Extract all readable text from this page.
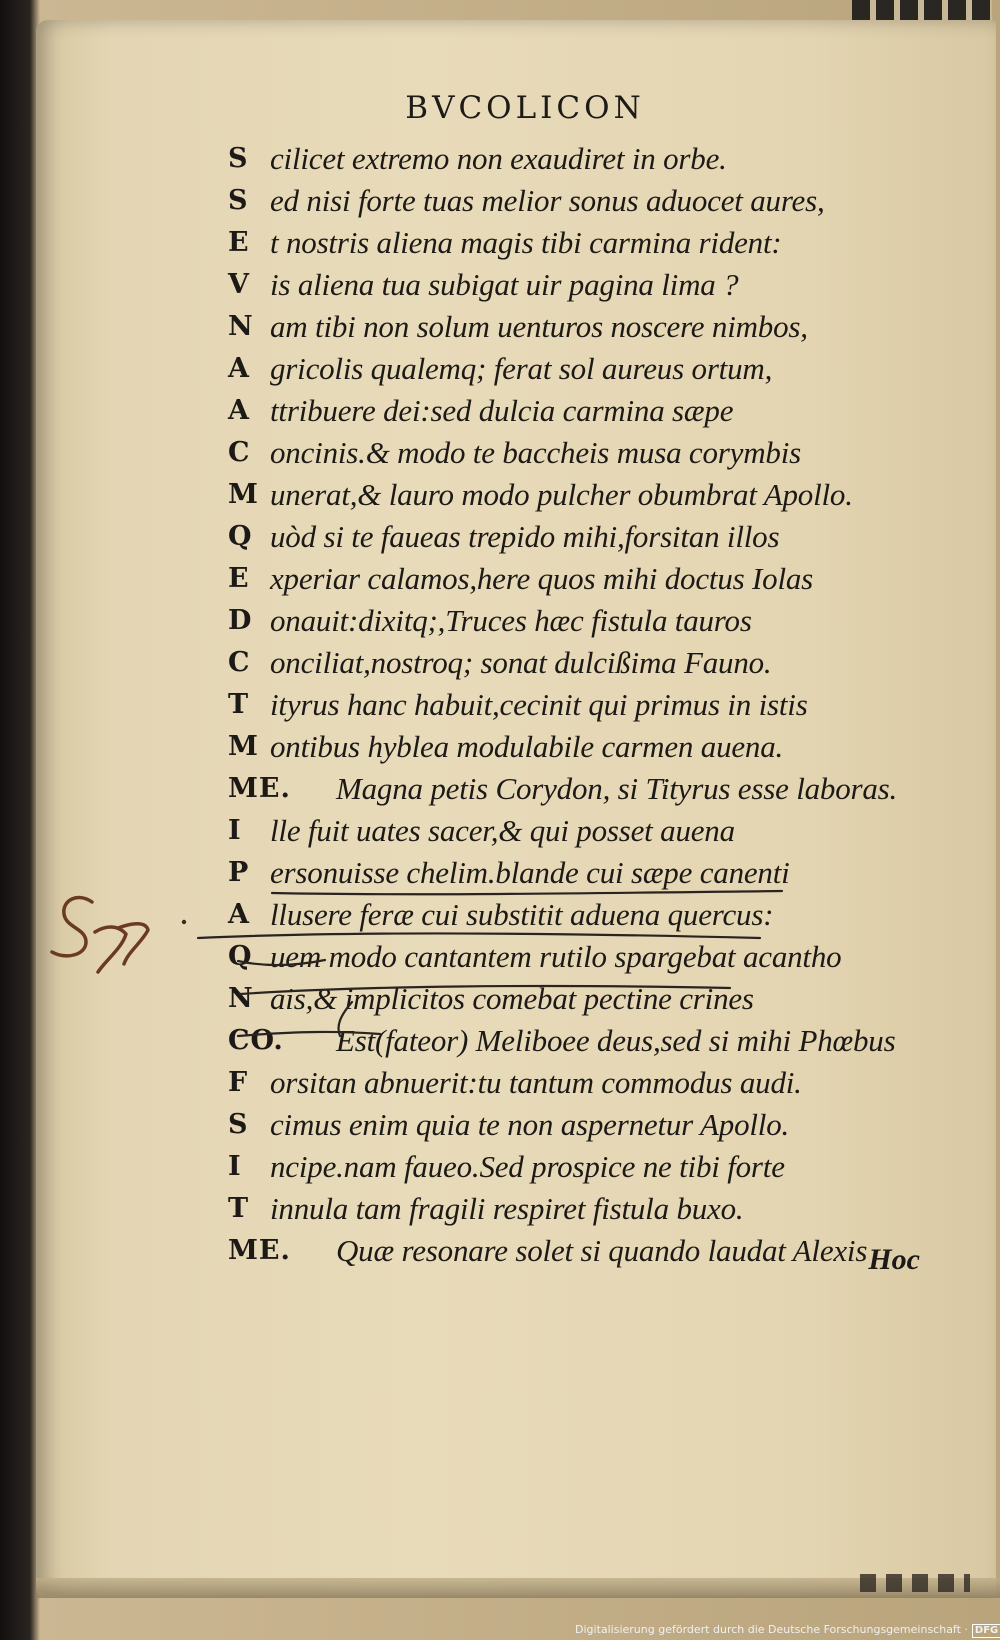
BVCOLICON
S cilicet extremo non exaudiret in orbe.
S ed nisi forte tuas melior sonus aduocet aures,
E t nostris aliena magis tibi carmina rident:
V is aliena tua subigat uir pagina lima ?
N am tibi non solum uenturos noscere nimbos,
A gricolis qualemq; ferat sol aureus ortum,
A ttribuere dei:sed dulcia carmina sæpe
C oncinis.& modo te baccheis musa corymbis
M unerat,& lauro modo pulcher obumbrat Apollo.
Q uòd si te faueas trepido mihi,forsitan illos
E xperiar calamos,here quos mihi doctus Iolas
D onauit:dixitq;,Truces hæc fistula tauros
C onciliat,nostroq; sonat dulcißima Fauno.
T ityrus hanc habuit,cecinit qui primus in istis
M ontibus hyblea modulabile carmen auena.
ME. Magna petis Corydon, si Tityrus esse laboras.
I lle fuit uates sacer,& qui posset auena
P ersonuisse chelim.blande cui sæpe canenti
A llusere feræ cui substitit aduena quercus:
Q uem modo cantantem rutilo spargebat acantho
N ais,& implicitos comebat pectine crines
CO. Est(fateor) Meliboee deus,sed si mihi Phœbus
F orsitan abnuerit:tu tantum commodus audi.
S cimus enim quia te non aspernetur Apollo.
I ncipe.nam faueo.Sed prospice ne tibi forte
T innula tam fragili respiret fistula buxo.
ME. Quæ resonare solet si quando laudat Alexis Hoc
Digitalisierung gefördert durch die Deutsche Forschungsgemeinschaft · DFG
